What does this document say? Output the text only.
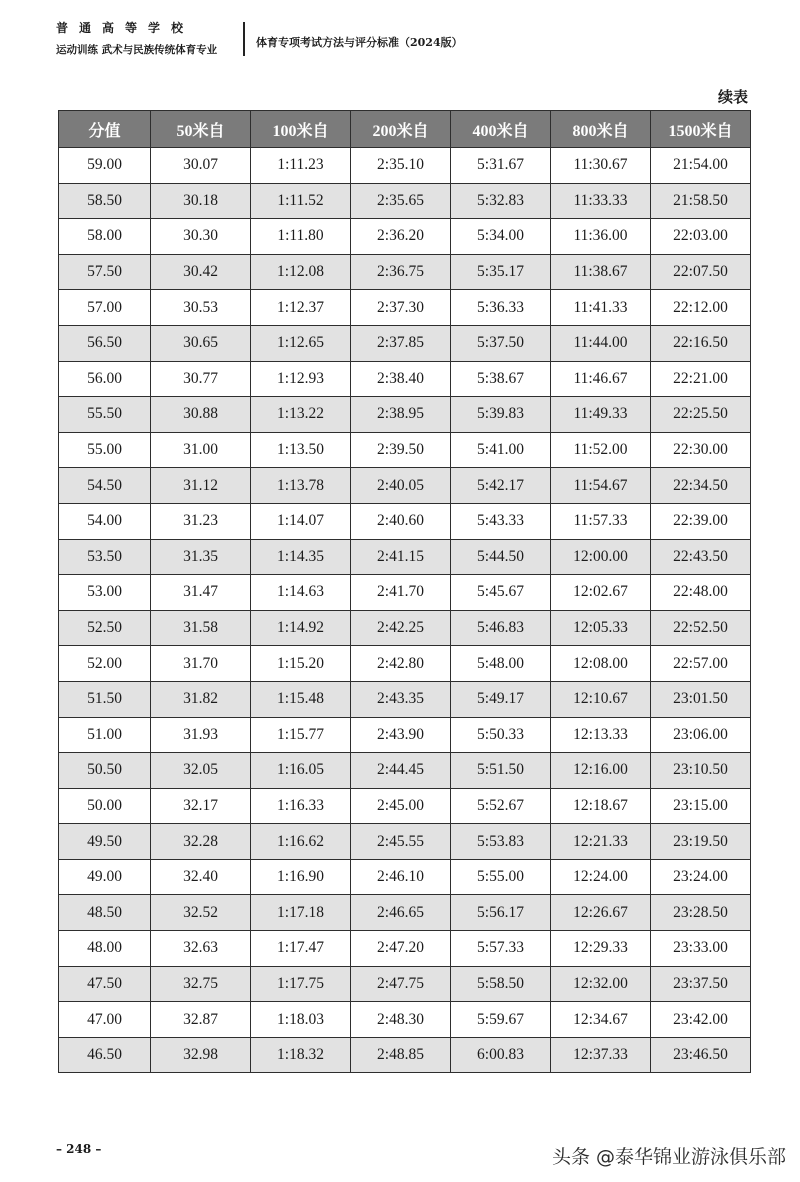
普通高等学校
运动训练 武术与民族传统体育专业
体育专项考试方法与评分标准（2024版）
续表
分值	50米自	100米自	200米自	400米自	800米自	1500米自
59.00	30.07	1:11.23	2:35.10	5:31.67	11:30.67	21:54.00
58.50	30.18	1:11.52	2:35.65	5:32.83	11:33.33	21:58.50
58.00	30.30	1:11.80	2:36.20	5:34.00	11:36.00	22:03.00
57.50	30.42	1:12.08	2:36.75	5:35.17	11:38.67	22:07.50
57.00	30.53	1:12.37	2:37.30	5:36.33	11:41.33	22:12.00
56.50	30.65	1:12.65	2:37.85	5:37.50	11:44.00	22:16.50
56.00	30.77	1:12.93	2:38.40	5:38.67	11:46.67	22:21.00
55.50	30.88	1:13.22	2:38.95	5:39.83	11:49.33	22:25.50
55.00	31.00	1:13.50	2:39.50	5:41.00	11:52.00	22:30.00
54.50	31.12	1:13.78	2:40.05	5:42.17	11:54.67	22:34.50
54.00	31.23	1:14.07	2:40.60	5:43.33	11:57.33	22:39.00
53.50	31.35	1:14.35	2:41.15	5:44.50	12:00.00	22:43.50
53.00	31.47	1:14.63	2:41.70	5:45.67	12:02.67	22:48.00
52.50	31.58	1:14.92	2:42.25	5:46.83	12:05.33	22:52.50
52.00	31.70	1:15.20	2:42.80	5:48.00	12:08.00	22:57.00
51.50	31.82	1:15.48	2:43.35	5:49.17	12:10.67	23:01.50
51.00	31.93	1:15.77	2:43.90	5:50.33	12:13.33	23:06.00
50.50	32.05	1:16.05	2:44.45	5:51.50	12:16.00	23:10.50
50.00	32.17	1:16.33	2:45.00	5:52.67	12:18.67	23:15.00
49.50	32.28	1:16.62	2:45.55	5:53.83	12:21.33	23:19.50
49.00	32.40	1:16.90	2:46.10	5:55.00	12:24.00	23:24.00
48.50	32.52	1:17.18	2:46.65	5:56.17	12:26.67	23:28.50
48.00	32.63	1:17.47	2:47.20	5:57.33	12:29.33	23:33.00
47.50	32.75	1:17.75	2:47.75	5:58.50	12:32.00	23:37.50
47.00	32.87	1:18.03	2:48.30	5:59.67	12:34.67	23:42.00
46.50	32.98	1:18.32	2:48.85	6:00.83	12:37.33	23:46.50
– 248 –	头条 @泰华锦业游泳俱乐部
